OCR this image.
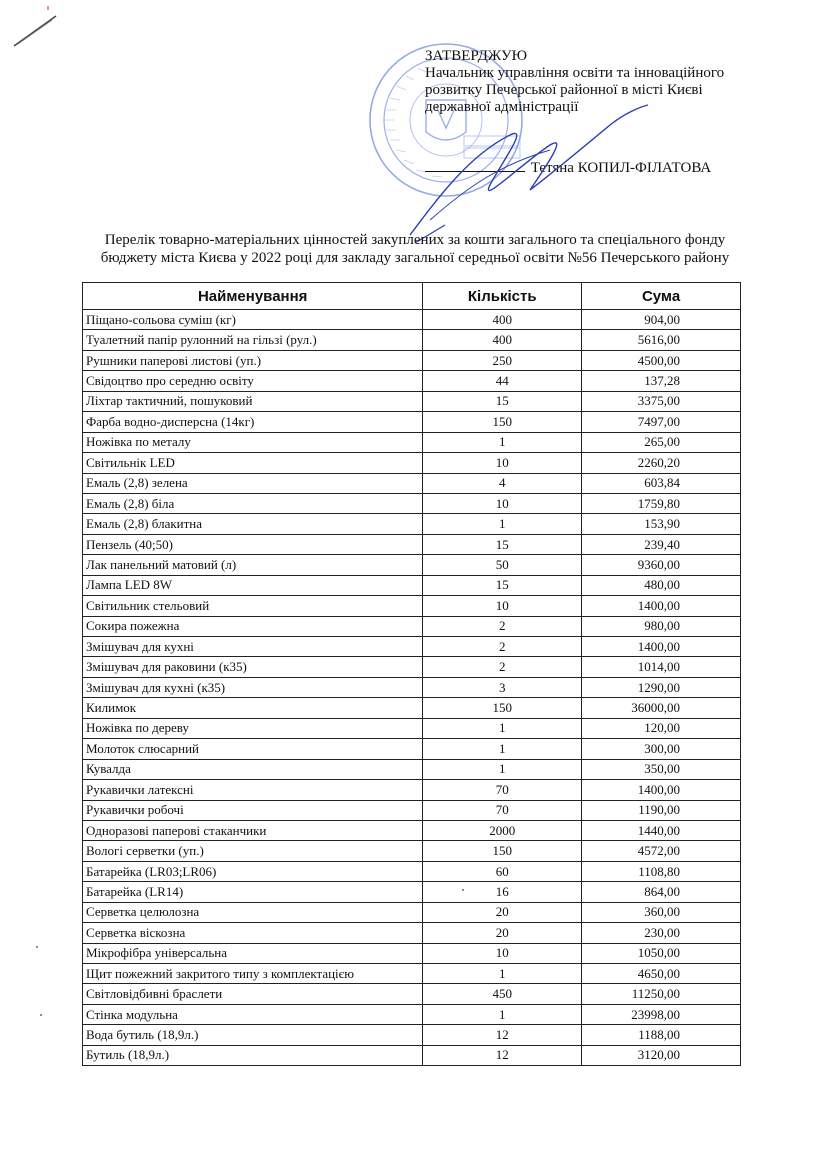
ЗАТВЕРДЖУЮ
Начальник управління освіти та інноваційного
розвитку Печерської районної в місті Києві
державної адміністрації
Тетяна КОПИЛ-ФІЛАТОВА
Перелік товарно-матеріальних цінностей закуплених за кошти загального та спеціального фонду
бюджету міста Києва у 2022 році для закладу загальної середньої освіти №56 Печерського району
Найменування	Кількість	Сума
Піщано-сольова суміш (кг)	400	904,00
Туалетний папір рулонний на гільзі (рул.)	400	5616,00
Рушники паперові листові (уп.)	250	4500,00
Свідоцтво про середню освіту	44	137,28
Ліхтар тактичний, пошуковий	15	3375,00
Фарба водно-дисперсна (14кг)	150	7497,00
Ножівка по металу	1	265,00
Світильнік LED	10	2260,20
Емаль (2,8) зелена	4	603,84
Емаль (2,8) біла	10	1759,80
Емаль (2,8) блакитна	1	153,90
Пензель (40;50)	15	239,40
Лак панельний матовий (л)	50	9360,00
Лампа LED 8W	15	480,00
Світильник стельовий	10	1400,00
Сокира пожежна	2	980,00
Змішувач для кухні	2	1400,00
Змішувач для раковини (к35)	2	1014,00
Змішувач для кухні (к35)	3	1290,00
Килимок	150	36000,00
Ножівка по дереву	1	120,00
Молоток слюсарний	1	300,00
Кувалда	1	350,00
Рукавички латексні	70	1400,00
Рукавички робочі	70	1190,00
Одноразові паперові стаканчики	2000	1440,00
Вологі серветки (уп.)	150	4572,00
Батарейка (LR03;LR06)	60	1108,80
Батарейка (LR14)	16	864,00
Серветка целюлозна	20	360,00
Серветка віскозна	20	230,00
Мікрофібра універсальна	10	1050,00
Щит пожежний закритого типу з комплектацією	1	4650,00
Світловідбивні браслети	450	11250,00
Стінка модульна	1	23998,00
Вода бутиль (18,9л.)	12	1188,00
Бутиль (18,9л.)	12	3120,00
